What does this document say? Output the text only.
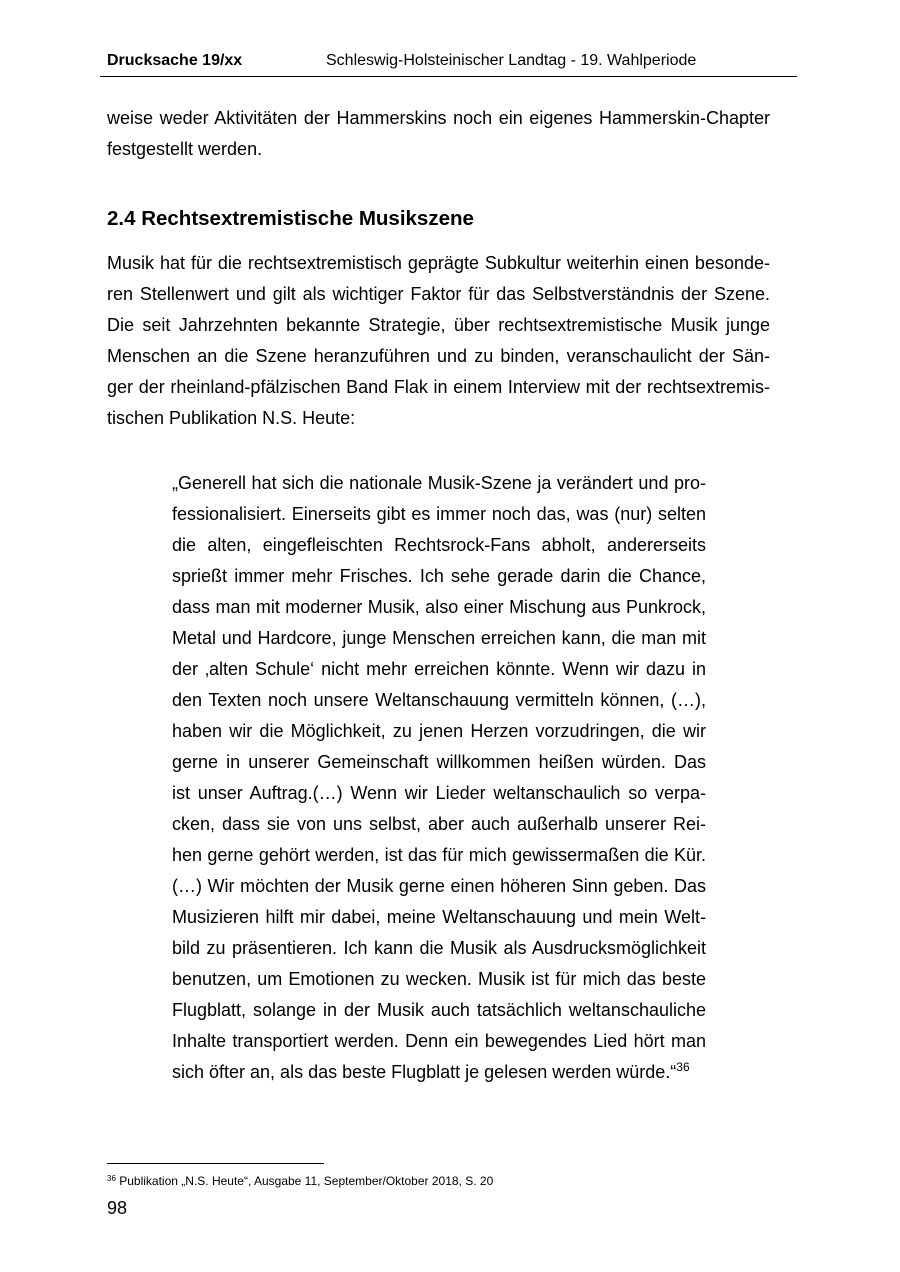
Drucksache 19/xx	Schleswig-Holsteinischer Landtag - 19. Wahlperiode

weise weder Aktivitäten der Hammerskins noch ein eigenes Hammerskin-Chapter
festgestellt werden.

2.4 Rechtsextremistische Musikszene

Musik hat für die rechtsextremistisch geprägte Subkultur weiterhin einen besonde-
ren Stellenwert und gilt als wichtiger Faktor für das Selbstverständnis der Szene.
Die seit Jahrzehnten bekannte Strategie, über rechtsextremistische Musik junge
Menschen an die Szene heranzuführen und zu binden, veranschaulicht der Sän-
ger der rheinland-pfälzischen Band Flak in einem Interview mit der rechtsextremis-
tischen Publikation N.S. Heute:

„Generell hat sich die nationale Musik-Szene ja verändert und pro-
fessionalisiert. Einerseits gibt es immer noch das, was (nur) selten
die alten, eingefleischten Rechtsrock-Fans abholt, andererseits
sprießt immer mehr Frisches. Ich sehe gerade darin die Chance,
dass man mit moderner Musik, also einer Mischung aus Punkrock,
Metal und Hardcore, junge Menschen erreichen kann, die man mit
der ‚alten Schule‘ nicht mehr erreichen könnte. Wenn wir dazu in
den Texten noch unsere Weltanschauung vermitteln können, (…),
haben wir die Möglichkeit, zu jenen Herzen vorzudringen, die wir
gerne in unserer Gemeinschaft willkommen heißen würden. Das
ist unser Auftrag.(…) Wenn wir Lieder weltanschaulich so verpa-
cken, dass sie von uns selbst, aber auch außerhalb unserer Rei-
hen gerne gehört werden, ist das für mich gewissermaßen die Kür.
(…) Wir möchten der Musik gerne einen höheren Sinn geben. Das
Musizieren hilft mir dabei, meine Weltanschauung und mein Welt-
bild zu präsentieren. Ich kann die Musik als Ausdrucksmöglichkeit
benutzen, um Emotionen zu wecken. Musik ist für mich das beste
Flugblatt, solange in der Musik auch tatsächlich weltanschauliche
Inhalte transportiert werden. Denn ein bewegendes Lied hört man
sich öfter an, als das beste Flugblatt je gelesen werden würde.“$^{36}$

$^{36}$ Publikation „N.S. Heute“, Ausgabe 11, September/Oktober 2018, S. 20

98
